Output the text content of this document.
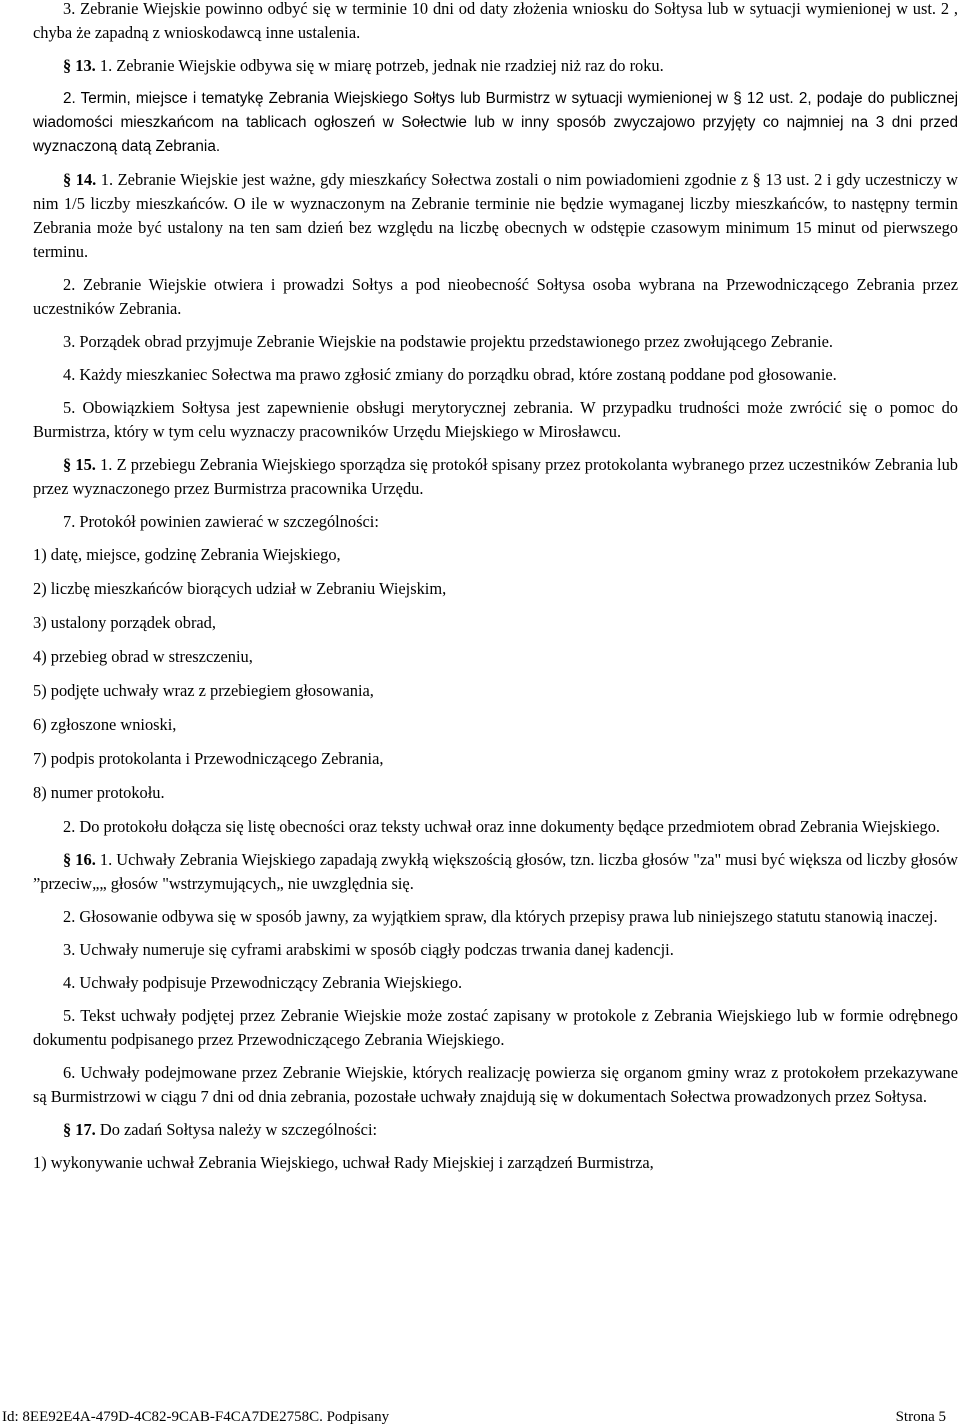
3. Zebranie Wiejskie powinno odbyć się w terminie 10 dni od daty złożenia wniosku do Sołtysa lub w sytuacji wymienionej w ust. 2 , chyba że zapadną z wnioskodawcą inne ustalenia.

§ 13. 1. Zebranie Wiejskie odbywa się w miarę potrzeb, jednak nie rzadziej niż raz do roku.

2. Termin, miejsce i tematykę Zebrania Wiejskiego Sołtys lub Burmistrz w sytuacji wymienionej w § 12 ust. 2, podaje do publicznej wiadomości mieszkańcom na tablicach ogłoszeń w Sołectwie lub w inny sposób zwyczajowo przyjęty co najmniej na 3 dni przed wyznaczoną datą Zebrania.

§ 14. 1. Zebranie Wiejskie jest ważne, gdy mieszkańcy Sołectwa zostali o nim powiadomieni zgodnie z § 13 ust. 2 i gdy uczestniczy w nim 1/5 liczby mieszkańców. O ile w wyznaczonym na Zebranie terminie nie będzie wymaganej liczby mieszkańców, to następny termin Zebrania może być ustalony na ten sam dzień bez względu na liczbę obecnych w odstępie czasowym minimum 15 minut od pierwszego terminu.

2. Zebranie Wiejskie otwiera i prowadzi Sołtys a pod nieobecność Sołtysa osoba wybrana na Przewodniczącego Zebrania przez uczestników Zebrania.

3. Porządek obrad przyjmuje Zebranie Wiejskie na podstawie projektu przedstawionego przez zwołującego Zebranie.

4. Każdy mieszkaniec Sołectwa ma prawo zgłosić zmiany do porządku obrad, które zostaną poddane pod głosowanie.

5. Obowiązkiem Sołtysa jest zapewnienie obsługi merytorycznej zebrania. W przypadku trudności może zwrócić się o pomoc do Burmistrza, który w tym celu wyznaczy pracowników Urzędu Miejskiego w Mirosławcu.

§ 15. 1. Z przebiegu Zebrania Wiejskiego sporządza się protokół spisany przez protokolanta wybranego przez uczestników Zebrania lub przez wyznaczonego przez Burmistrza pracownika Urzędu.

7. Protokół powinien zawierać w szczególności:

1) datę, miejsce, godzinę Zebrania Wiejskiego,
2) liczbę mieszkańców biorących udział w Zebraniu Wiejskim,
3) ustalony porządek obrad,
4) przebieg obrad w streszczeniu,
5) podjęte uchwały wraz z przebiegiem głosowania,
6) zgłoszone wnioski,
7) podpis protokolanta i Przewodniczącego Zebrania,
8) numer protokołu.

2. Do protokołu dołącza się listę obecności oraz teksty uchwał oraz inne dokumenty będące przedmiotem obrad Zebrania Wiejskiego.

§ 16. 1. Uchwały Zebrania Wiejskiego zapadają zwykłą większością głosów, tzn. liczba głosów "za" musi być większa od liczby głosów ”przeciw„„ głosów "wstrzymujących„ nie uwzględnia się.

2. Głosowanie odbywa się w sposób jawny, za wyjątkiem spraw, dla których przepisy prawa lub niniejszego statutu stanowią inaczej.

3. Uchwały numeruje się cyframi arabskimi w sposób ciągły podczas trwania danej kadencji.

4. Uchwały podpisuje Przewodniczący Zebrania Wiejskiego.

5. Tekst uchwały podjętej przez Zebranie Wiejskie może zostać zapisany w protokole z Zebrania Wiejskiego lub w formie odrębnego dokumentu podpisanego przez Przewodniczącego Zebrania Wiejskiego.

6. Uchwały podejmowane przez Zebranie Wiejskie, których realizację powierza się organom gminy wraz z protokołem przekazywane są Burmistrzowi w ciągu 7 dni od dnia zebrania, pozostałe uchwały znajdują się w dokumentach Sołectwa prowadzonych przez Sołtysa.

§ 17. Do zadań Sołtysa należy w szczególności:

1) wykonywanie uchwał Zebrania Wiejskiego, uchwał Rady Miejskiej i zarządzeń Burmistrza,
Id: 8EE92E4A-479D-4C82-9CAB-F4CA7DE2758C. Podpisany	Strona 5
